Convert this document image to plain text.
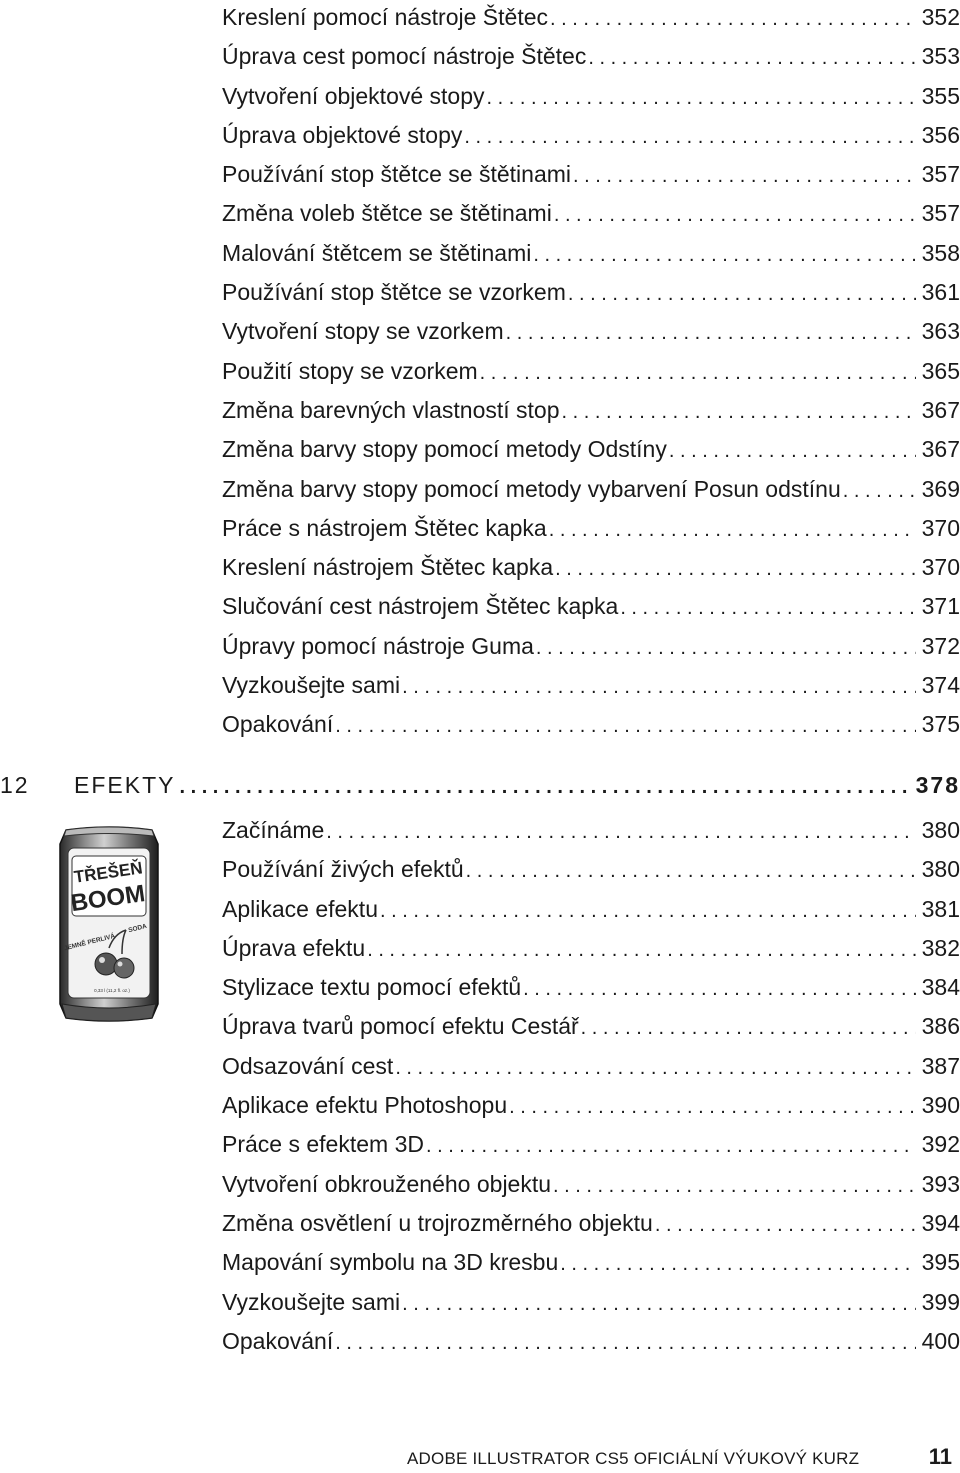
Kreslení pomocí nástroje Štětec . . .	352
Úprava cest pomocí nástroje Štětec . . .	353
Vytvoření objektové stopy . . .	355
Úprava objektové stopy . . .	356
Používání stop štětce se štětinami . . .	357
Změna voleb štětce se štětinami . . .	357
Malování štětcem se štětinami . . .	358
Používání stop štětce se vzorkem . . .	361
Vytvoření stopy se vzorkem . . .	363
Použití stopy se vzorkem . . .	365
Změna barevných vlastností stop . . .	367
Změna barvy stopy pomocí metody Odstíny . . .	367
Změna barvy stopy pomocí metody vybarvení Posun odstínu . . .	369
Práce s nástrojem Štětec kapka . . .	370
Kreslení nástrojem Štětec kapka . . .	370
Slučování cest nástrojem Štětec kapka . . .	371
Úpravy pomocí nástroje Guma . . .	372
Vyzkoušejte sami . . .	374
Opakování . . .	375
12	EFEKTY . . .	378
TŘEŠEŇ
BOOM
JEMNĚ PERLIVÁ
SODA
0,33 l (11,2 fl. oz.)
Začínáme . . .	380
Používání živých efektů . . .	380
Aplikace efektu . . .	381
Úprava efektu . . .	382
Stylizace textu pomocí efektů . . .	384
Úprava tvarů pomocí efektu Cestář . . .	386
Odsazování cest . . .	387
Aplikace efektu Photoshopu . . .	390
Práce s efektem 3D . . .	392
Vytvoření obkrouženého objektu . . .	393
Změna osvětlení u trojrozměrného objektu . . .	394
Mapování symbolu na 3D kresbu . . .	395
Vyzkoušejte sami . . .	399
Opakování . . .	400
ADOBE ILLUSTRATOR CS5 OFICIÁLNÍ VÝUKOVÝ KURZ	11
